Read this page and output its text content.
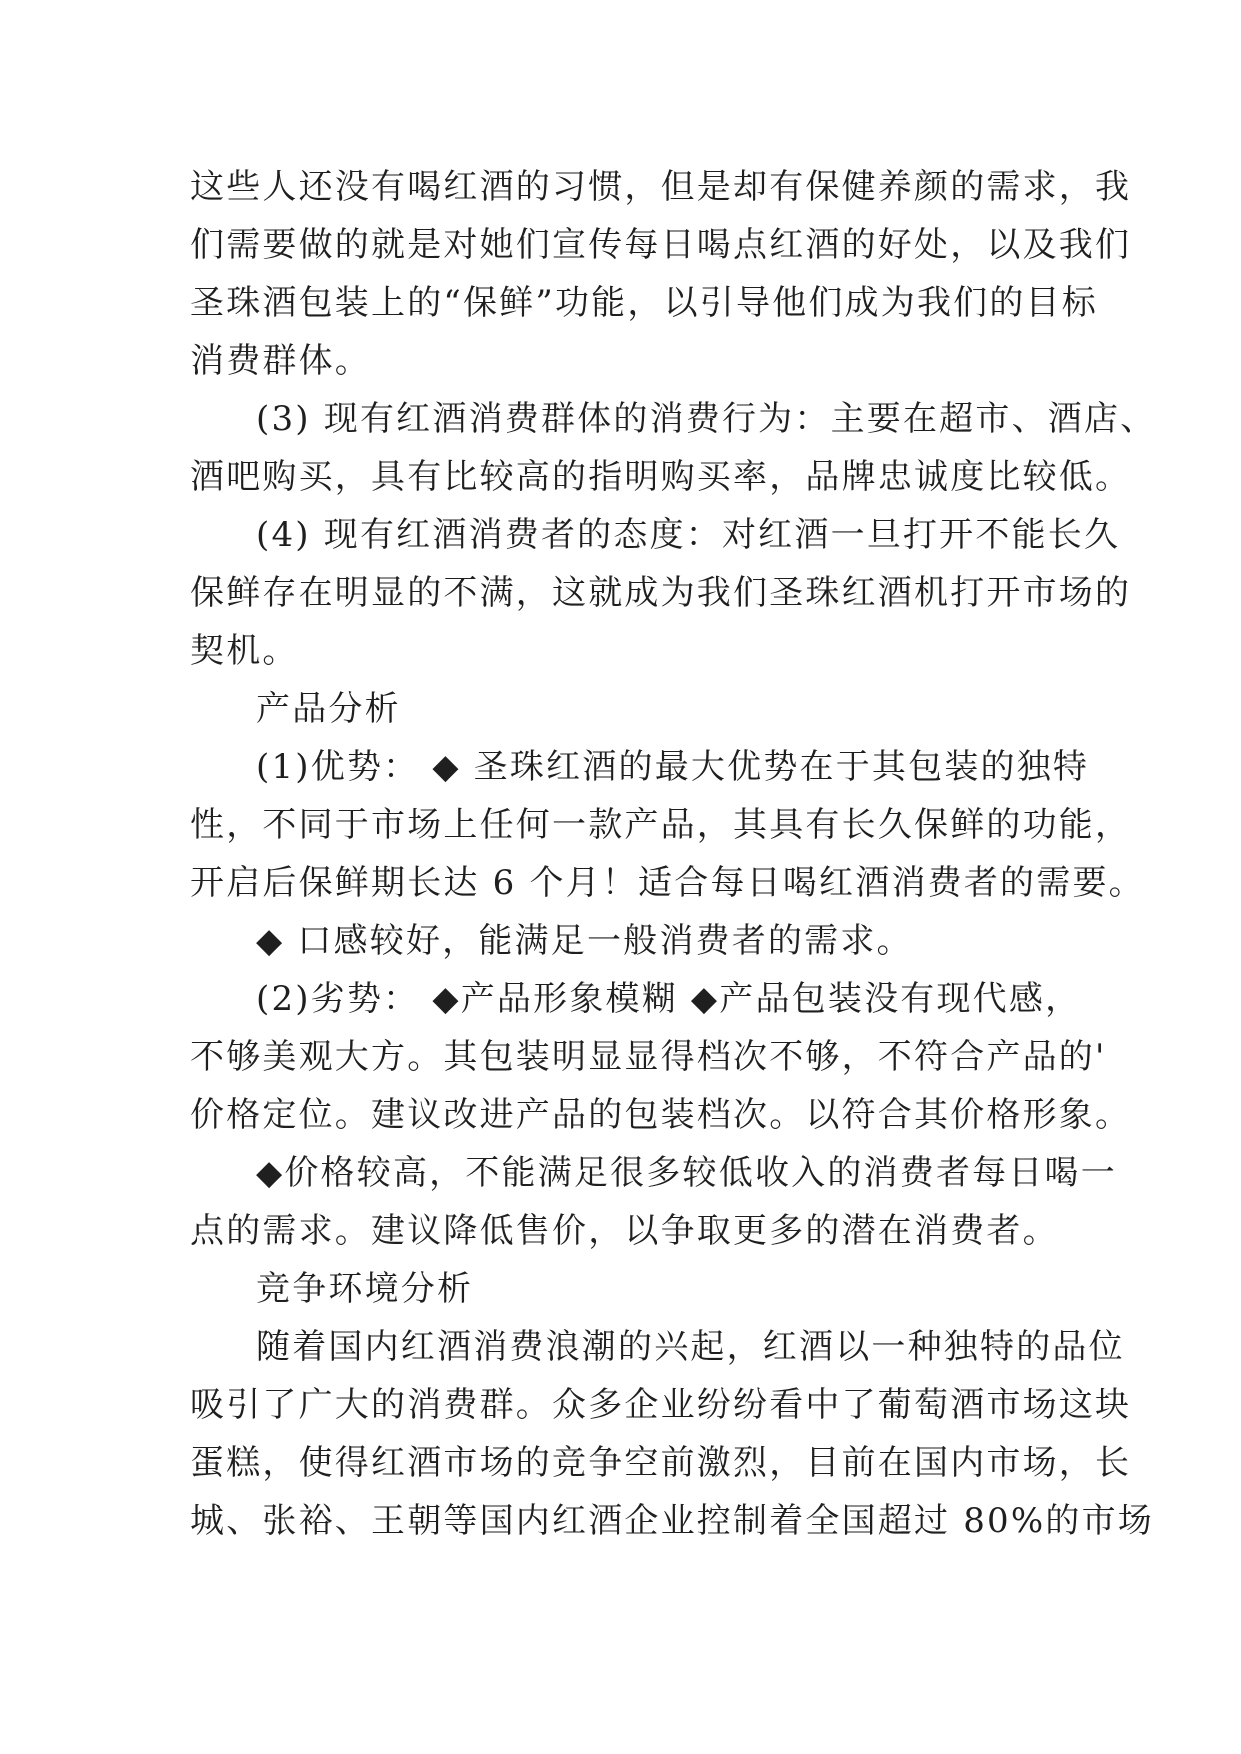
这些人还没有喝红酒的习惯，但是却有保健养颜的需求，我
们需要做的就是对她们宣传每日喝点红酒的好处，以及我们
圣珠酒包装上的“保鲜”功能，以引导他们成为我们的目标
消费群体。
(3) 现有红酒消费群体的消费行为：主要在超市、酒店、
酒吧购买，具有比较高的指明购买率，品牌忠诚度比较低。
(4) 现有红酒消费者的态度：对红酒一旦打开不能长久
保鲜存在明显的不满，这就成为我们圣珠红酒机打开市场的
契机。
产品分析
(1)优势： ◆ 圣珠红酒的最大优势在于其包装的独特
性，不同于市场上任何一款产品，其具有长久保鲜的功能，
开启后保鲜期长达 6 个月！适合每日喝红酒消费者的需要。
◆ 口感较好，能满足一般消费者的需求。
(2)劣势： ◆产品形象模糊 ◆产品包装没有现代感，
不够美观大方。其包装明显显得档次不够，不符合产品的'
价格定位。建议改进产品的包装档次。以符合其价格形象。
◆价格较高，不能满足很多较低收入的消费者每日喝一
点的需求。建议降低售价，以争取更多的潜在消费者。
竞争环境分析
随着国内红酒消费浪潮的兴起，红酒以一种独特的品位
吸引了广大的消费群。众多企业纷纷看中了葡萄酒市场这块
蛋糕，使得红酒市场的竞争空前激烈，目前在国内市场，长
城、张裕、王朝等国内红酒企业控制着全国超过 80%的市场
